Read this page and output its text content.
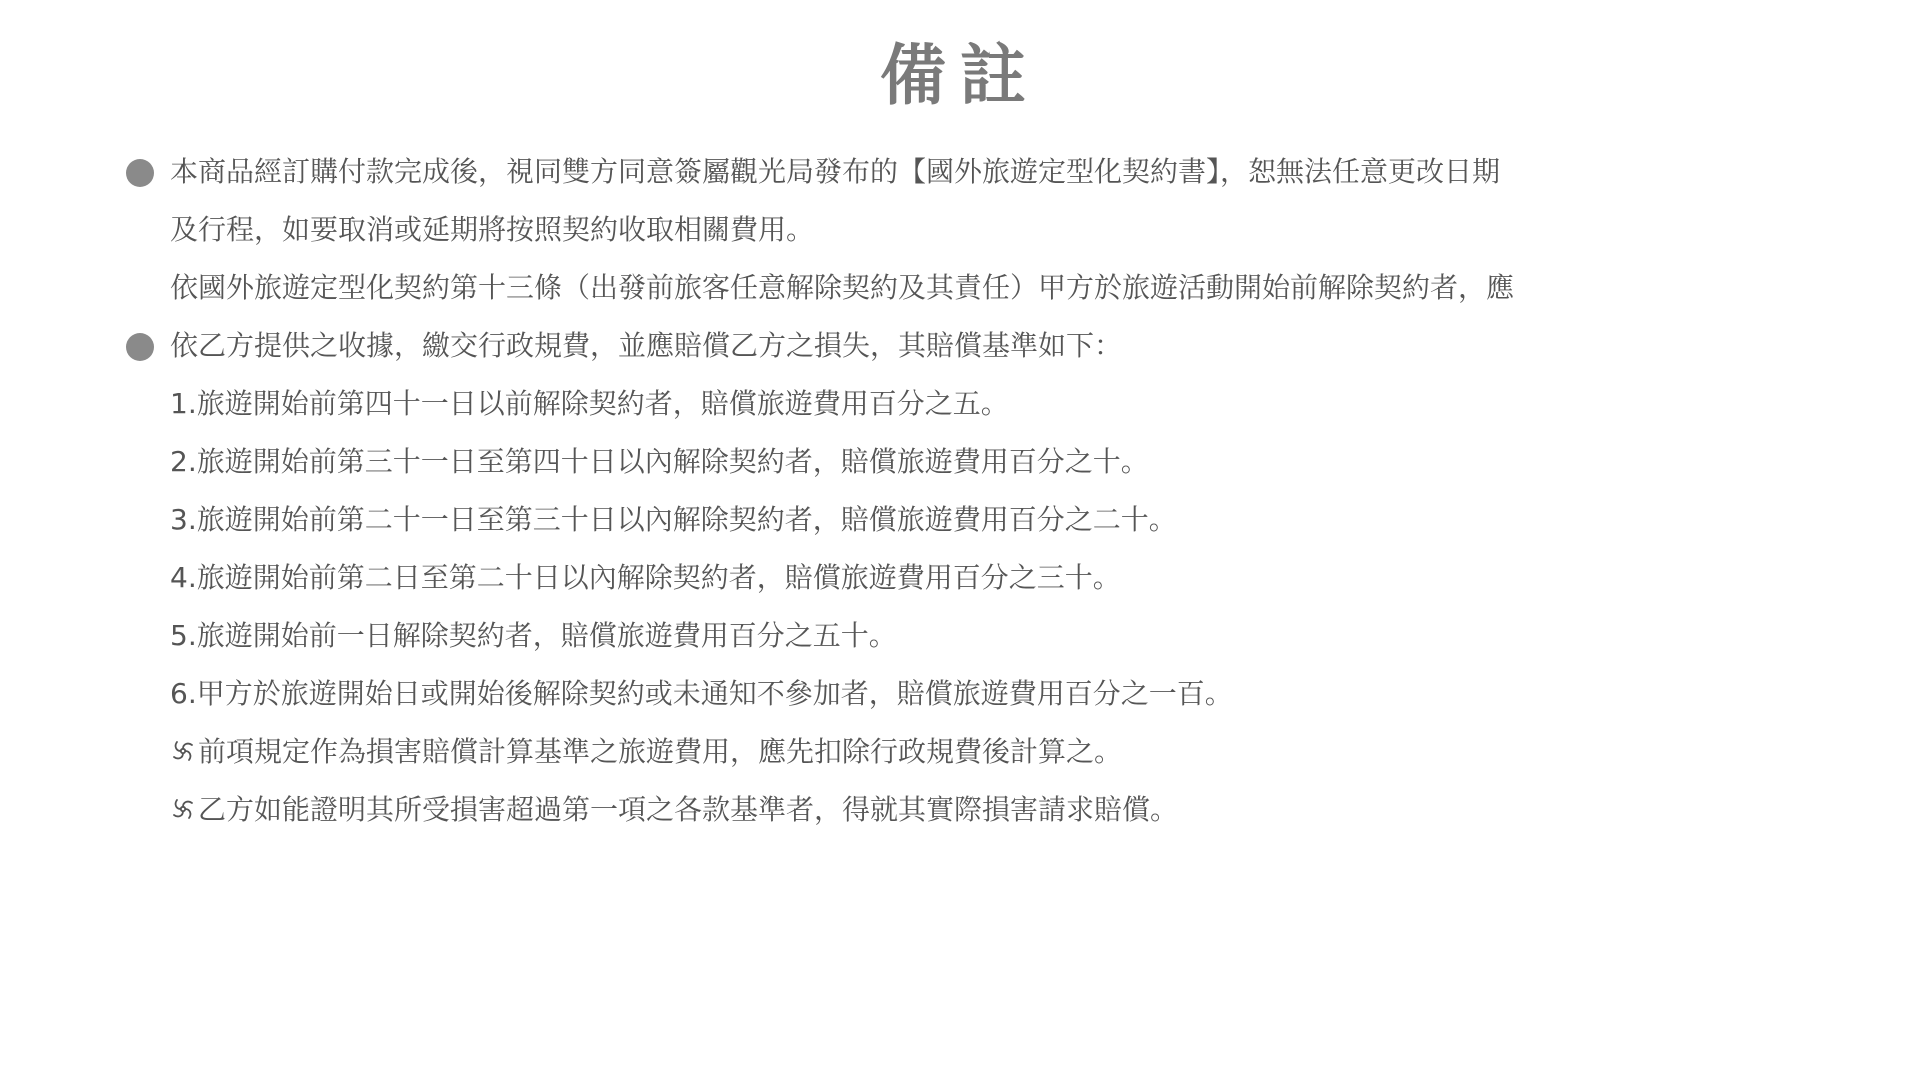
備註
本商品經訂購付款完成後，視同雙方同意簽屬觀光局發布的【國外旅遊定型化契約書】，恕無法任意更改日期
及行程，如要取消或延期將按照契約收取相關費用。
依國外旅遊定型化契約第十三條（出發前旅客任意解除契約及其責任）甲方於旅遊活動開始前解除契約者，應
依乙方提供之收據，繳交行政規費，並應賠償乙方之損失，其賠償基準如下：
1.旅遊開始前第四十一日以前解除契約者，賠償旅遊費用百分之五。
2.旅遊開始前第三十一日至第四十日以內解除契約者，賠償旅遊費用百分之十。
3.旅遊開始前第二十一日至第三十日以內解除契約者，賠償旅遊費用百分之二十。
4.旅遊開始前第二日至第二十日以內解除契約者，賠償旅遊費用百分之三十。
5.旅遊開始前一日解除契約者，賠償旅遊費用百分之五十。
6.甲方於旅遊開始日或開始後解除契約或未通知不參加者，賠償旅遊費用百分之一百。
前項規定作為損害賠償計算基準之旅遊費用，應先扣除行政規費後計算之。
乙方如能證明其所受損害超過第一項之各款基準者，得就其實際損害請求賠償。
